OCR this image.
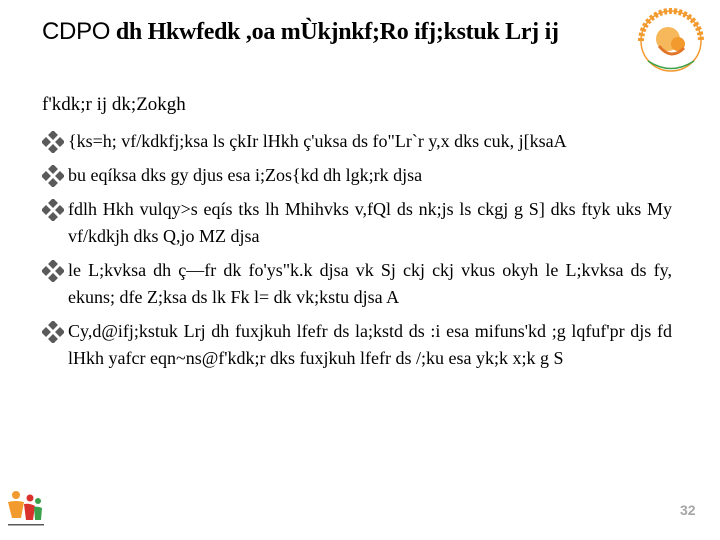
CDPO dh Hkwfedk ,oa mÙkjnkf;Ro ifj;kstuk Lrj ij
f'kdk;r ij dk;Zokgh
{ks=h; vf/kdkfj;ksa ls çkIr lHkh ç'uksa ds fo"Lr`r y,x dks cuk, j[ksaA
bu eqíksa dks gy djus esa i;Zos{kd dh lgk;rk djsa
fdlh Hkh vulqy>s eqís tks lh Mhihvks v,fQl ds nk;js ls ckgj g S] dks ftyk uks My vf/kdkjh dks Q,jo MZ djsa
le L;kvksa dh ç—fr dk fo'ys"k.k djsa vk Sj ckj ckj vkus okyh le L;kvksa ds fy, ekuns; dfe Z;ksa ds lk Fk l= dk vk;kstu djsa A
Cy,d@ifj;kstuk Lrj dh fuxjkuh lfefr ds la;kstd ds :i esa mifuns'kd ;g lqfuf'pr djs fd lHkh yafcr eqn~ns@f'kdk;r dks fuxjkuh lfefr ds /;ku esa yk;k x;k g S
32
